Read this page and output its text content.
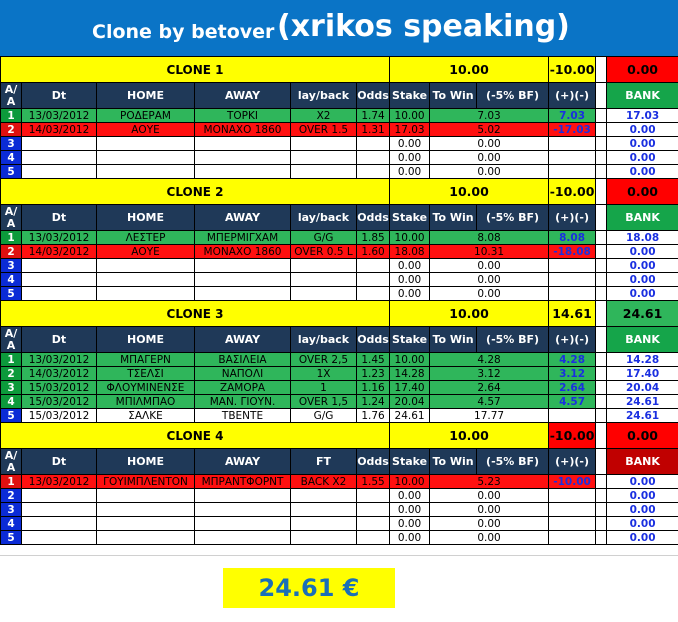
Clone by betover (xrikos speaking)
CLONE 1						10.00			-10.00		0.00
A/
A	Dt	HOME	AWAY	lay/back	Odds	Stake	To Win	(-5% BF)	(+)(-)		BANK
1	13/03/2012	ΡΟΔΕΡΑΜ	ΤΟΡΚΙ	X2	1.74	10.00	7.03		7.03		17.03
2	14/03/2012	ΑΟΥΕ	ΜΟΝΑΧΟ 1860	OVER 1.5	1.31	17.03	5.02		-17.03		0.00
3						0.00	0.00				0.00
4						0.00	0.00				0.00
5						0.00	0.00				0.00
CLONE 2						10.00			-10.00		0.00
A/
A	Dt	HOME	AWAY	lay/back	Odds	Stake	To Win	(-5% BF)	(+)(-)		BANK
1	13/03/2012	ΛΕΣΤΕΡ	ΜΠΕΡΜΙΓΧΑΜ	G/G	1.85	10.00	8.08		8.08		18.08
2	14/03/2012	ΑΟΥΕ	ΜΟΝΑΧΟ 1860	OVER 0.5 L	1.60	18.08	10.31		-18.08		0.00
3						0.00	0.00				0.00
4						0.00	0.00				0.00
5						0.00	0.00				0.00
CLONE 3						10.00			14.61		24.61
A/
A	Dt	HOME	AWAY	lay/back	Odds	Stake	To Win	(-5% BF)	(+)(-)		BANK
1	13/03/2012	ΜΠΑΓΕΡΝ	ΒΑΣΙΛΕΙΑ	OVER 2,5	1.45	10.00	4.28		4.28		14.28
2	14/03/2012	ΤΣΕΛΣΙ	ΝΑΠΟΛΙ	1X	1.23	14.28	3.12		3.12		17.40
3	15/03/2012	ΦΛΟΥΜΙΝΕΝΣΕ	ΖΑΜΟΡΑ	1	1.16	17.40	2.64		2.64		20.04
4	15/03/2012	ΜΠΙΛΜΠΑΟ	ΜΑΝ. ΓΙΟΥΝ.	OVER 1,5	1.24	20.04	4.57		4.57		24.61
5	15/03/2012	ΣΑΛΚΕ	ΤΒΕΝΤΕ	G/G	1.76	24.61	17.77				24.61
CLONE 4						10.00			-10.00		0.00
A/
A	Dt	HOME	AWAY	FT	Odds	Stake	To Win	(-5% BF)	(+)(-)		BANK
1	13/03/2012	ΓΟΥΙΜΠΛΕΝΤΟΝ	ΜΠΡΑΝΤΦΟΡΝΤ	BACK X2	1.55	10.00	5.23		-10.00		0.00
2						0.00	0.00				0.00
3						0.00	0.00				0.00
4						0.00	0.00				0.00
5						0.00	0.00				0.00
24.61 €
